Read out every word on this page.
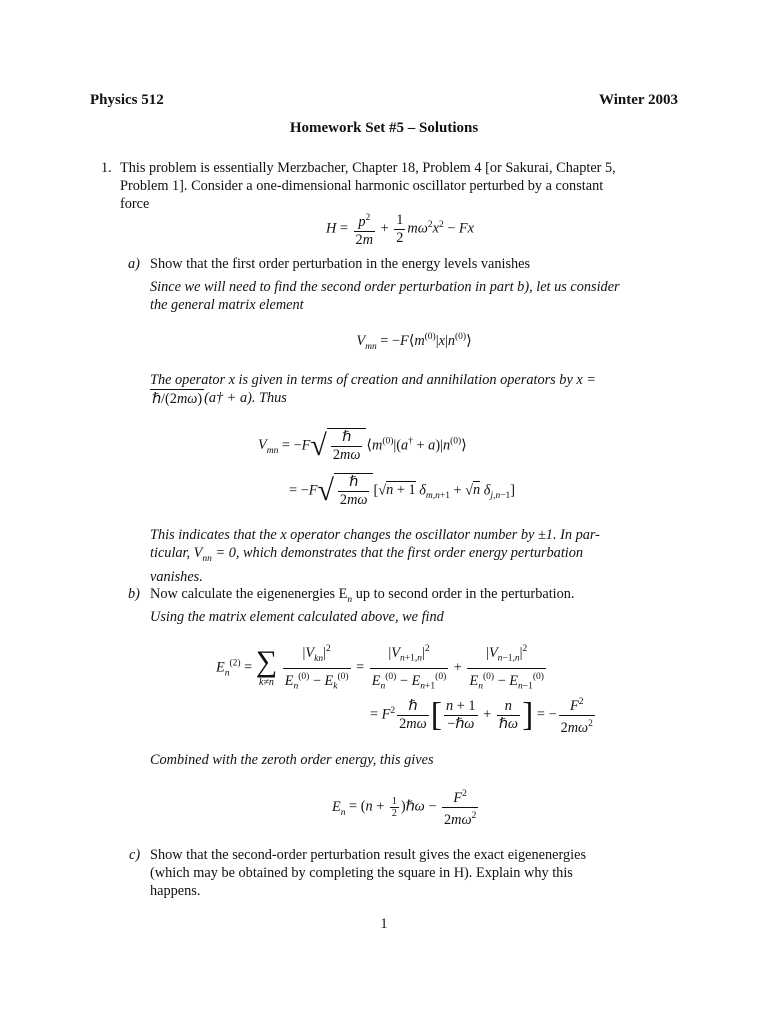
Physics 512	Winter 2003
Homework Set #5 – Solutions
1. This problem is essentially Merzbacher, Chapter 18, Problem 4 [or Sakurai, Chapter 5,
Problem 1]. Consider a one-dimensional harmonic oscillator perturbed by a constant
force
$H = \frac{p^2}{2m} + \frac{1}{2} m\omega^2x^2 - Fx$
a) Show that the first order perturbation in the energy levels vanishes
Since we will need to find the second order perturbation in part b), let us consider
the general matrix element
$V_{mn}$ = $-F⟨m^{(0)}|x|n^{(0)}⟩$
The operator x is given in terms of creation and annihilation operators by x =
ℏ/(2mω) (a† + a). Thus
$V_{mn} = -F√ \frac{\text{ℏ}}{2m\omega}$ $⟨m^{(0)}|(a^\dagger$ + $a)|n^{(0)}⟩$
= $-F√ \frac{\text{ℏ}}{2m\omega} [√n + 1$ $\delta_{m,n+1} + √n$ $\delta_{j,n-1}$]
This indicates that the x operator changes the oscillator number by ±1. In par-
ticular, $V_{nn} = 0$, which demonstrates that the first order energy perturbation
vanishes.
b) Now calculate the eigenenergies $E_n$ up to second order in the perturbation.
Using the matrix element calculated above, we find
$E_n^{(2)}$ = ∑
k≠n
$\frac{|V_{kn}|^2}{E_n^{(0)} - E_k^{(0)}} = \frac{|V_{n+1,n}|^2}{E_n^{(0)} - E_{n+1}^{(0)}} + \frac{|V_{n-1,n}|^2}{E_n^{(0)} - E_{n-1}^{(0)}}$
= $F^2 \frac{\text{ℏ}}{2m\omega}$ [ $\frac{n + 1}{\text{−ℏω}} + \frac{n}{\text{ℏω}}$ ] = − $\frac{F^2}{2m\omega^2}$
Combined with the zeroth order energy, this gives
$E_n = (n + \frac{1}{2}$ )ℏω − $\frac{F^2}{2m\omega^2}$
c) Show that the second-order perturbation result gives the exact eigenenergies
(which may be obtained by completing the square in H). Explain why this
happens.
1
